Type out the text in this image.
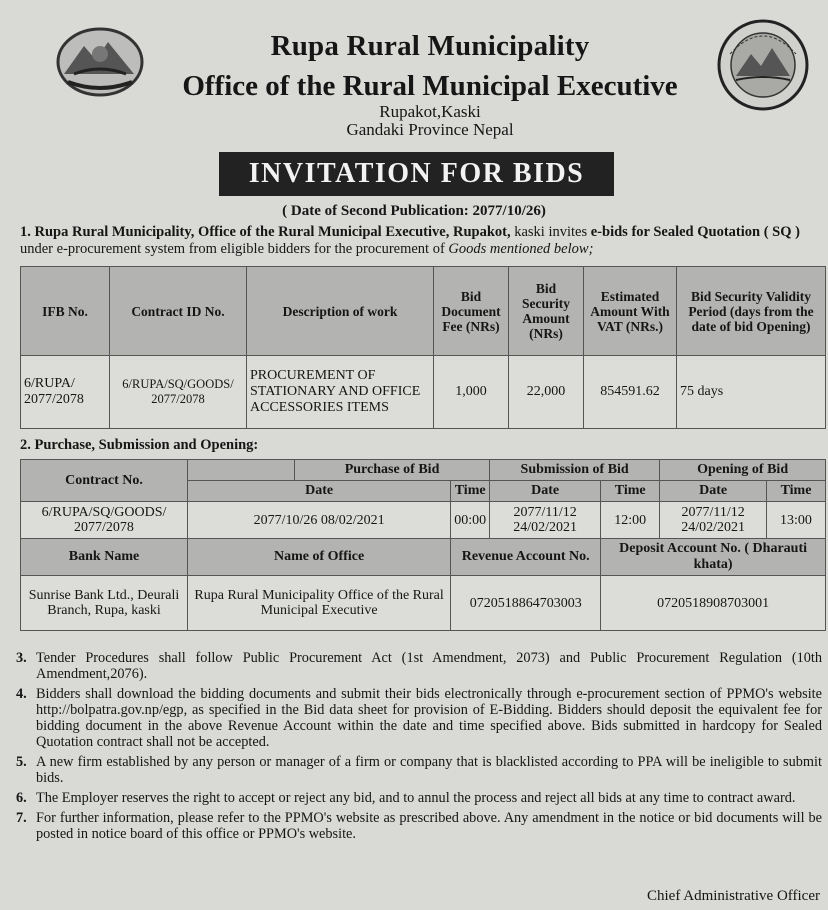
Rupa Rural Municipality
Office of the Rural Municipal Executive
Rupakot,Kaski
Gandaki Province Nepal
INVITATION FOR BIDS
( Date of Second Publication: 2077/10/26)
1. Rupa Rural Municipality, Office of the Rural Municipal Executive, Rupakot, kaski invites e-bids for Sealed Quotation ( SQ ) under e-procurement system from eligible bidders for the procurement of Goods mentioned below;
IFB No.	Contract ID No.	Description of work	Bid Document Fee (NRs)	Bid Security Amount (NRs)	Estimated Amount With VAT (NRs.)	Bid Security Validity Period (days from the date of bid Opening)
6/RUPA/ 2077/2078	6/RUPA/SQ/GOODS/ 2077/2078	PROCUREMENT OF STATIONARY AND OFFICE ACCESSORIES ITEMS	1,000	22,000	854591.62	75 days
2. Purchase, Submission and Opening:
Contract No.		Purchase of Bid		Submission of Bid		Opening of Bid	
	Date		Time	Date	Time	Date	Time
6/RUPA/SQ/GOODS/ 2077/2078	2077/10/26 08/02/2021		00:00	2077/11/12 24/02/2021	12:00	2077/11/12 24/02/2021	13:00
Bank Name	Name of Office		Revenue Account No.		Deposit Account No. ( Dharauti khata)		
Sunrise Bank Ltd., Deurali Branch, Rupa, kaski	Rupa Rural Municipality Office of the Rural Municipal Executive		0720518864703003		0720518908703001		
3. Tender Procedures shall follow Public Procurement Act (1st Amendment, 2073) and Public Procurement Regulation (10th Amendment,2076).
4. Bidders shall download the bidding documents and submit their bids electronically through e-procurement section of PPMO's website http://bolpatra.gov.np/egp, as specified in the Bid data sheet for provision of E-Bidding. Bidders should deposit the equivalent fee for bidding document in the above Revenue Account within the date and time specified above. Bids submitted in hardcopy for Sealed Quotation contract shall not be accepted.
5. A new firm established by any person or manager of a firm or company that is blacklisted according to PPA will be ineligible to submit bids.
6. The Employer reserves the right to accept or reject any bid, and to annul the process and reject all bids at any time to contract award.
7. For further information, please refer to the PPMO's website as prescribed above. Any amendment in the notice or bid documents will be posted in notice board of this office or PPMO's website.
Chief Administrative Officer
